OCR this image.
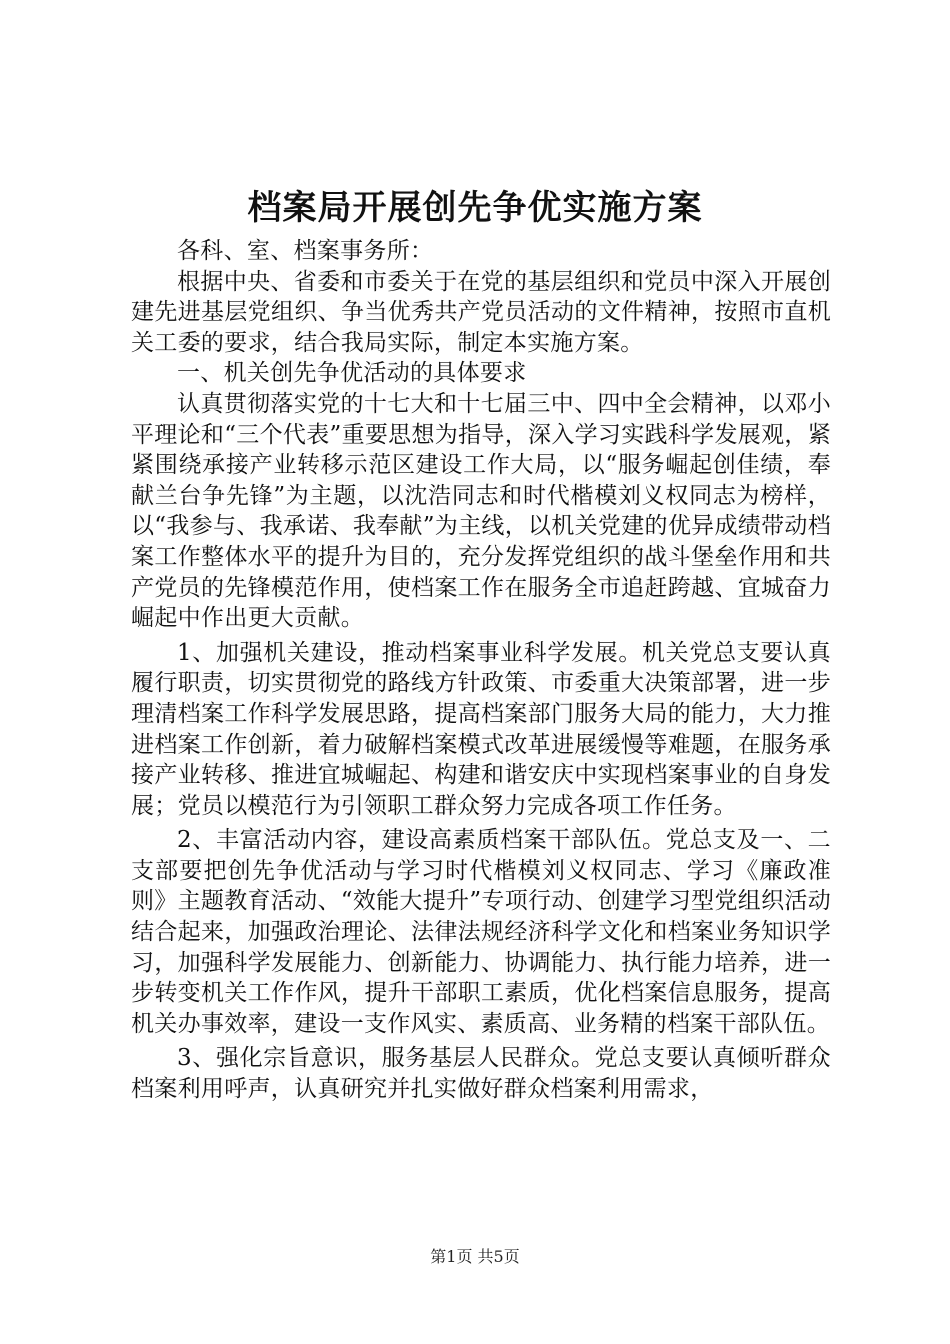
档案局开展创先争优实施方案

各科、室、档案事务所：

根据中央、省委和市委关于在党的基层组织和党员中深入开展创建先进基层党组织、争当优秀共产党员活动的文件精神，按照市直机关工委的要求，结合我局实际，制定本实施方案。

一、机关创先争优活动的具体要求

认真贯彻落实党的十七大和十七届三中、四中全会精神，以邓小平理论和“三个代表”重要思想为指导，深入学习实践科学发展观，紧紧围绕承接产业转移示范区建设工作大局，以“服务崛起创佳绩，奉献兰台争先锋”为主题，以沈浩同志和时代楷模刘义权同志为榜样，以“我参与、我承诺、我奉献”为主线，以机关党建的优异成绩带动档案工作整体水平的提升为目的，充分发挥党组织的战斗堡垒作用和共产党员的先锋模范作用，使档案工作在服务全市追赶跨越、宜城奋力崛起中作出更大贡献。

1、加强机关建设，推动档案事业科学发展。机关党总支要认真履行职责，切实贯彻党的路线方针政策、市委重大决策部署，进一步理清档案工作科学发展思路，提高档案部门服务大局的能力，大力推进档案工作创新，着力破解档案模式改革进展缓慢等难题，在服务承接产业转移、推进宜城崛起、构建和谐安庆中实现档案事业的自身发展；党员以模范行为引领职工群众努力完成各项工作任务。

2、丰富活动内容，建设高素质档案干部队伍。党总支及一、二支部要把创先争优活动与学习时代楷模刘义权同志、学习《廉政准则》主题教育活动、“效能大提升”专项行动、创建学习型党组织活动结合起来，加强政治理论、法律法规经济科学文化和档案业务知识学习，加强科学发展能力、创新能力、协调能力、执行能力培养，进一步转变机关工作作风，提升干部职工素质，优化档案信息服务，提高机关办事效率，建设一支作风实、素质高、业务精的档案干部队伍。

3、强化宗旨意识，服务基层人民群众。党总支要认真倾听群众档案利用呼声，认真研究并扎实做好群众档案利用需求，

第1页 共5页
